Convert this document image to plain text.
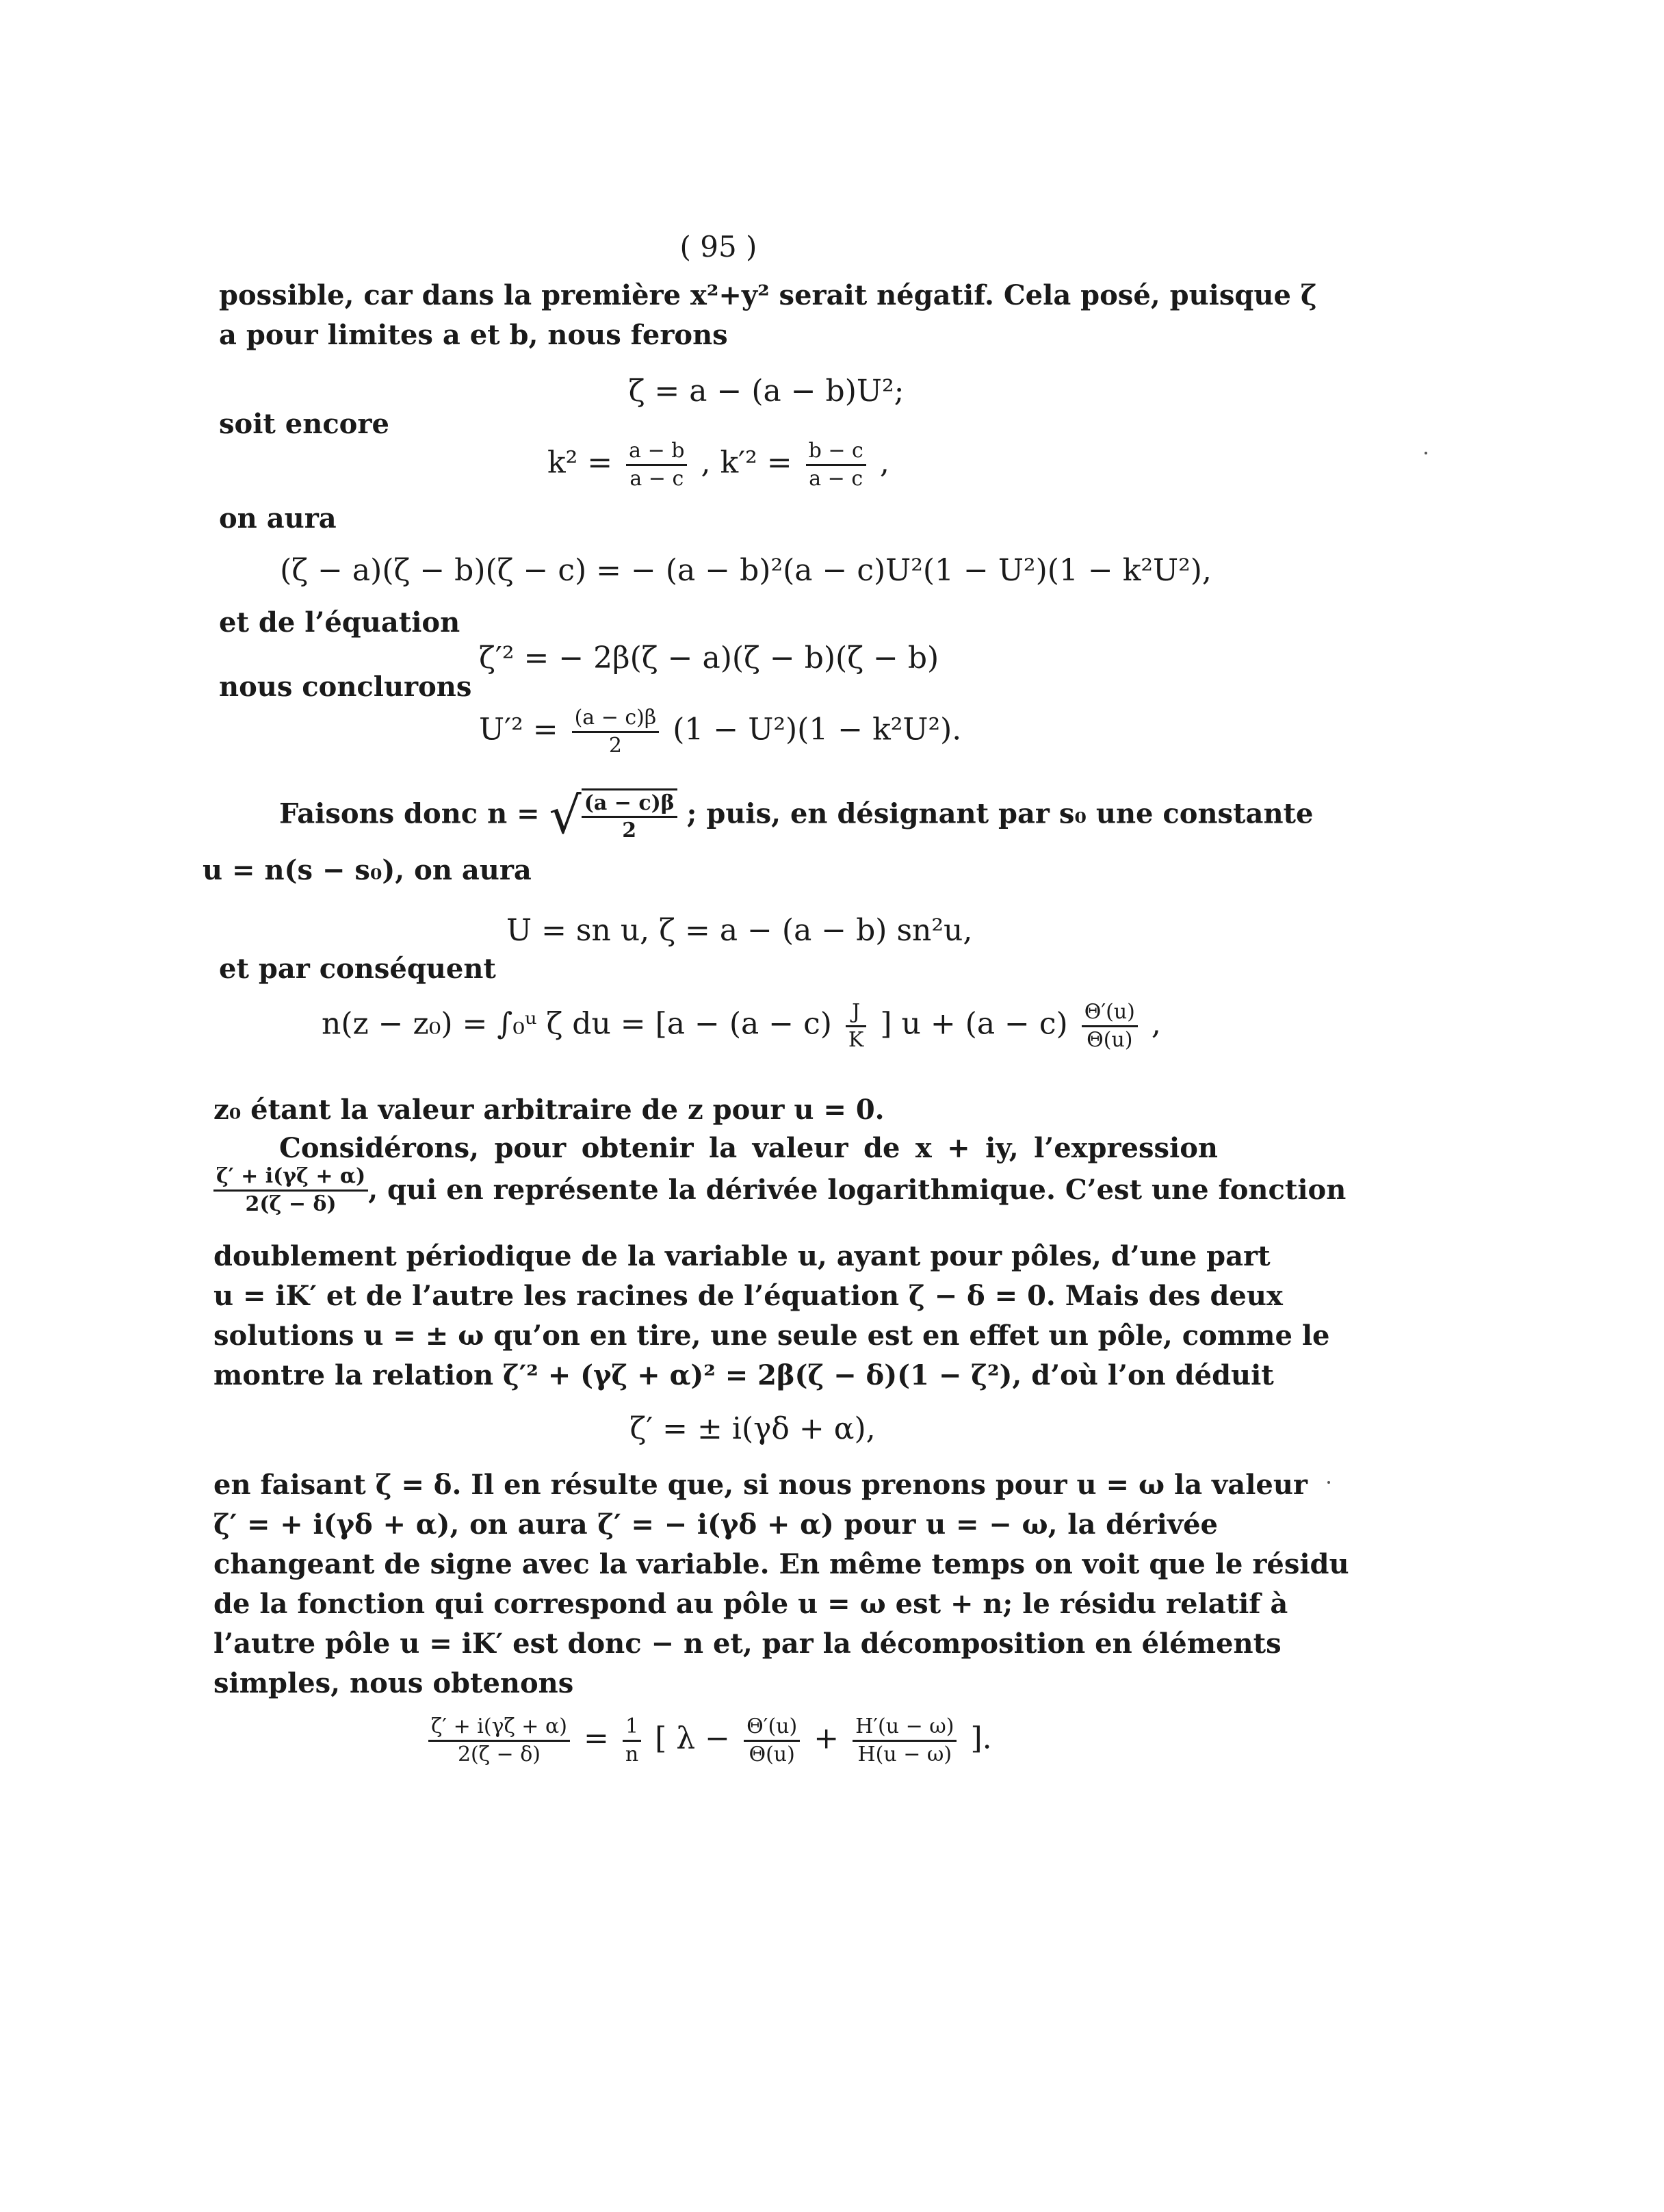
( 95 )
possible, car dans la première x²+y² serait négatif. Cela posé, puisque ζ
a pour limites a et b, nous ferons
ζ = a − (a − b)U²;
soit encore
$k^2 = \frac{a - b}{a - c}$ , $k'^2 = \frac{b - c}{a - c}$ ,
on aura
(ζ − a)(ζ − b)(ζ − c) = − (a − b)²(a − c)U²(1 − U²)(1 − k²U²),
et de l’équation
ζ′² = − 2β(ζ − a)(ζ − b)(ζ − b)
nous conclurons
$U'^2 = \frac{(a - c)\beta}{2} (1 - U^2)(1 - k^2U^2)$.
Faisons donc n = √ $\frac{(a - c)\beta}{2}$ ; puis, en désignant par s₀ une constante
u = n(s − s₀), on aura
U = sn u, ζ = a − (a − b) sn²u,
et par conséquent
n(z − z₀) = ∫₀ᵘ ζ du = [$a - (a - c) \frac{J}{K}$ ] $u + (a - c) \frac{\Theta'(u)}{\Theta(u)}$ ,
z₀ étant la valeur arbitraire de z pour u = 0.
Considérons, pour obtenir la valeur de x + iy, l’expression
$\frac{\zeta' + i(\gamma\zeta + \alpha)}{2(\zeta - \delta)}$ , qui en représente la dérivée logarithmique. C’est une fonction
doublement périodique de la variable u, ayant pour pôles, d’une part
u = iK′ et de l’autre les racines de l’équation ζ − δ = 0. Mais des deux
solutions u = ± ω qu’on en tire, une seule est en effet un pôle, comme le
montre la relation ζ′² + (γζ + α)² = 2β(ζ − δ)(1 − ζ²), d’où l’on déduit
ζ′ = ± i(γδ + α),
en faisant ζ = δ. Il en résulte que, si nous prenons pour u = ω la valeur
ζ′ = + i(γδ + α), on aura ζ′ = − i(γδ + α) pour u = − ω, la dérivée
changeant de signe avec la variable. En même temps on voit que le résidu
de la fonction qui correspond au pôle u = ω est + n; le résidu relatif à
l’autre pôle u = iK′ est donc − n et, par la décomposition en éléments
simples, nous obtenons
$\frac{\zeta' + i(\gamma\zeta + \alpha)}{2(\zeta - \delta)} = \frac{1}{n}$ [ $\lambda - \frac{\Theta'(u)}{\Theta(u)} + \frac{H'(u - \omega)}{H(u - \omega)}$ ].
